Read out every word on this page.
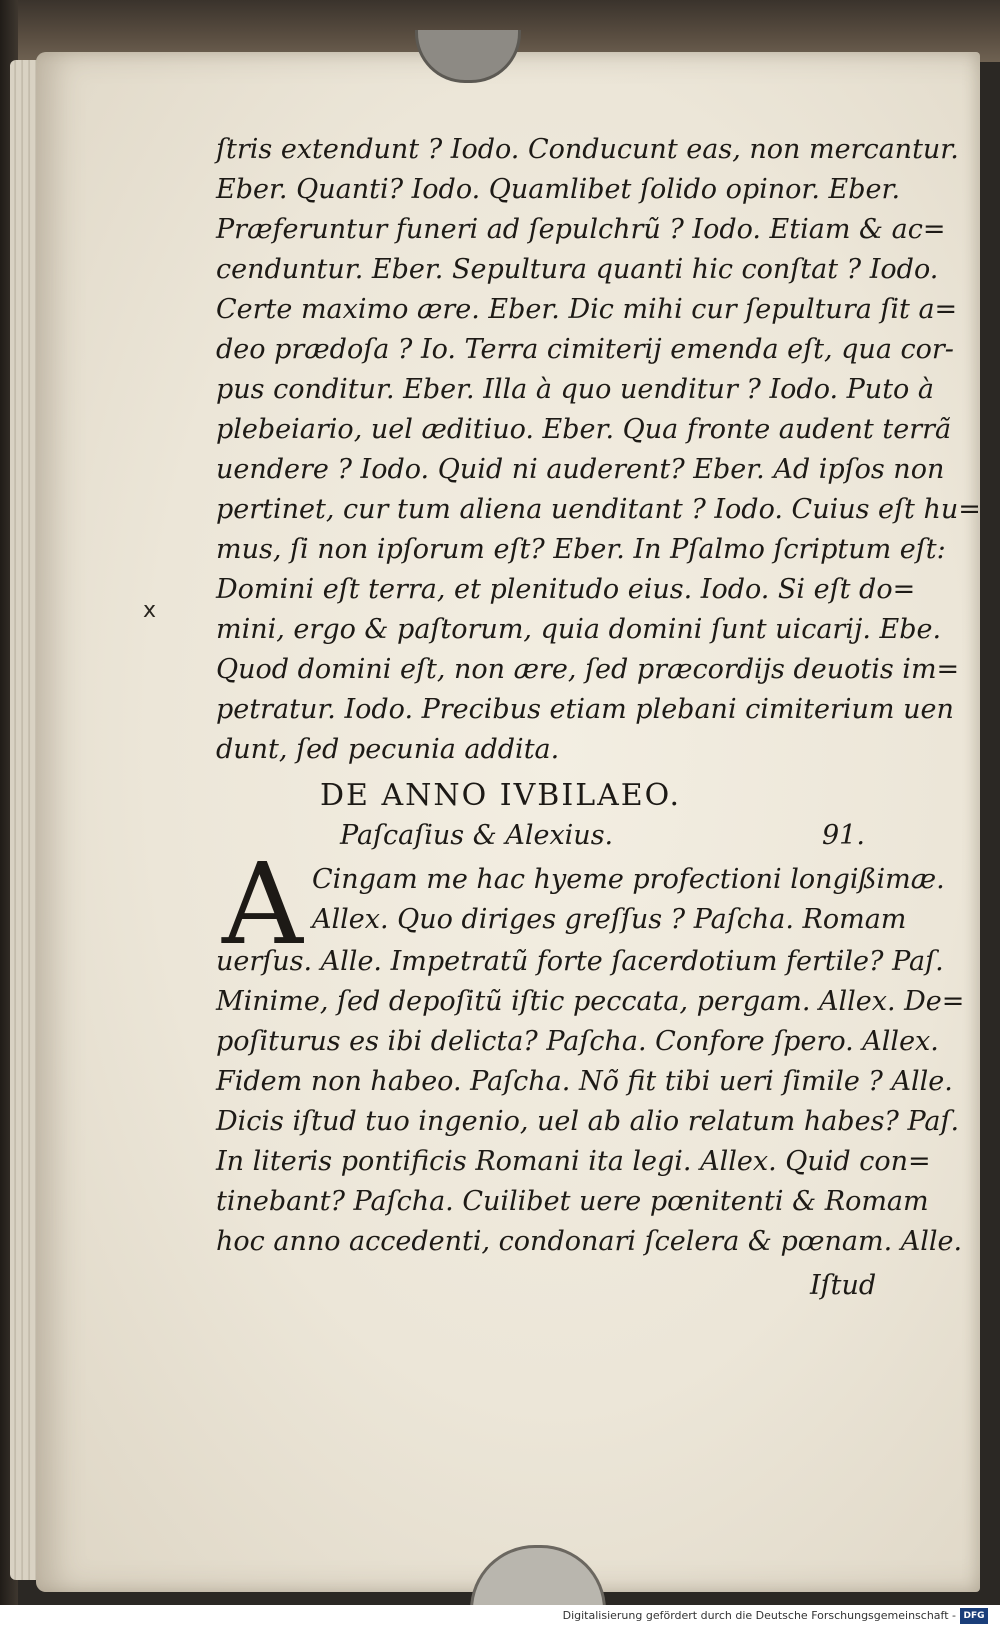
ſtris extendunt ? Iodo. Conducunt eas, non mercantur.
Eber. Quanti? Iodo. Quamlibet ſolido opinor. Eber.
Præferuntur funeri ad ſepulchrũ ? Iodo. Etiam & ac=
cenduntur. Eber. Sepultura quanti hic conſtat ? Iodo.
Certe maximo ære. Eber. Dic mihi cur ſepultura ſit a=
deo prædoſa ? Io. Terra cimiterij emenda eſt, qua cor-
pus conditur. Eber. Illa à quo uenditur ? Iodo. Puto à
plebeiario, uel æditiuo. Eber. Qua fronte audent terrã
uendere ? Iodo. Quid ni auderent? Eber. Ad ipſos non
pertinet, cur tum aliena uenditant ? Iodo. Cuius eſt hu=
mus, ſi non ipſorum eſt? Eber. In Pſalmo ſcriptum eſt:
Domini eſt terra, et plenitudo eius. Iodo. Si eſt do=
mini, ergo & paſtorum, quia domini ſunt uicarij. Ebe.
Quod domini eſt, non ære, ſed præcordijs deuotis im=
petratur. Iodo. Precibus etiam plebani cimiterium uen
dunt, ſed pecunia addita.
DE ANNO IVBILAEO.
Paſcaſius & Alexius.	91.
A Cingam me hac hyeme profectioni longißimæ.
Allex. Quo diriges greſſus ? Paſcha. Romam
uerſus. Alle. Impetratũ forte ſacerdotium fertile? Paſ.
Minime, ſed depoſitũ iſtic peccata, pergam. Allex. De=
poſiturus es ibi delicta? Paſcha. Confore ſpero. Allex.
Fidem non habeo. Paſcha. Nõ fit tibi ueri ſimile ? Alle.
Dicis iſtud tuo ingenio, uel ab alio relatum habes? Paſ.
In literis pontificis Romani ita legi. Allex. Quid con=
tinebant? Paſcha. Cuilibet uere pœnitenti & Romam
hoc anno accedenti, condonari ſcelera & pœnam. Alle.
Iſtud
x
Digitalisierung gefördert durch die Deutsche Forschungsgemeinschaft - DFG
